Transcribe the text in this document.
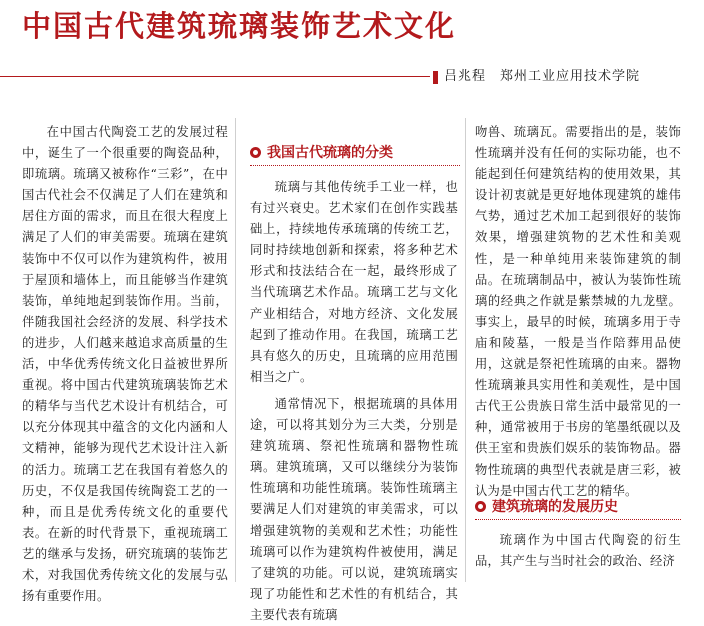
中国古代建筑琉璃装饰艺术文化
吕兆程　郑州工业应用技术学院

在中国古代陶瓷工艺的发展过程中，诞生了一个很重要的陶瓷品种，即琉璃。琉璃又被称作“三彩”，在中国古代社会不仅满足了人们在建筑和居住方面的需求，而且在很大程度上满足了人们的审美需要。琉璃在建筑装饰中不仅可以作为建筑构件，被用于屋顶和墙体上，而且能够当作建筑装饰，单纯地起到装饰作用。当前，伴随我国社会经济的发展、科学技术的进步，人们越来越追求高质量的生活，中华优秀传统文化日益被世界所重视。将中国古代建筑琉璃装饰艺术的精华与当代艺术设计有机结合，可以充分体现其中蕴含的文化内涵和人文精神，能够为现代艺术设计注入新的活力。琉璃工艺在我国有着悠久的历史，不仅是我国传统陶瓷工艺的一种，而且是优秀传统文化的重要代表。在新的时代背景下，重视琉璃工艺的继承与发扬，研究琉璃的装饰艺术，对我国优秀传统文化的发展与弘扬有重要作用。

我国古代琉璃的分类

琉璃与其他传统手工业一样，也有过兴衰史。艺术家们在创作实践基础上，持续地传承琉璃的传统工艺，同时持续地创新和探索，将多种艺术形式和技法结合在一起，最终形成了当代琉璃艺术作品。琉璃工艺与文化产业相结合，对地方经济、文化发展起到了推动作用。在我国，琉璃工艺具有悠久的历史，且琉璃的应用范围相当之广。

通常情况下，根据琉璃的具体用途，可以将其划分为三大类，分别是建筑琉璃、祭祀性琉璃和器物性琉璃。建筑琉璃，又可以继续分为装饰性琉璃和功能性琉璃。装饰性琉璃主要满足人们对建筑的审美需求，可以增强建筑物的美观和艺术性；功能性琉璃可以作为建筑构件被使用，满足了建筑的功能。可以说，建筑琉璃实现了功能性和艺术性的有机结合，其主要代表有琉璃

吻兽、琉璃瓦。需要指出的是，装饰性琉璃并没有任何的实际功能，也不能起到任何建筑结构的使用效果，其设计初衷就是更好地体现建筑的雄伟气势，通过艺术加工起到很好的装饰效果，增强建筑物的艺术性和美观性，是一种单纯用来装饰建筑的制品。在琉璃制品中，被认为装饰性琉璃的经典之作就是紫禁城的九龙壁。事实上，最早的时候，琉璃多用于寺庙和陵墓，一般是当作陪葬用品使用，这就是祭祀性琉璃的由来。器物性琉璃兼具实用性和美观性，是中国古代王公贵族日常生活中最常见的一种，通常被用于书房的笔墨纸砚以及供王室和贵族们娱乐的装饰物品。器物性琉璃的典型代表就是唐三彩，被认为是中国古代工艺的精华。

建筑琉璃的发展历史

琉璃作为中国古代陶瓷的衍生品，其产生与当时社会的政治、经济
